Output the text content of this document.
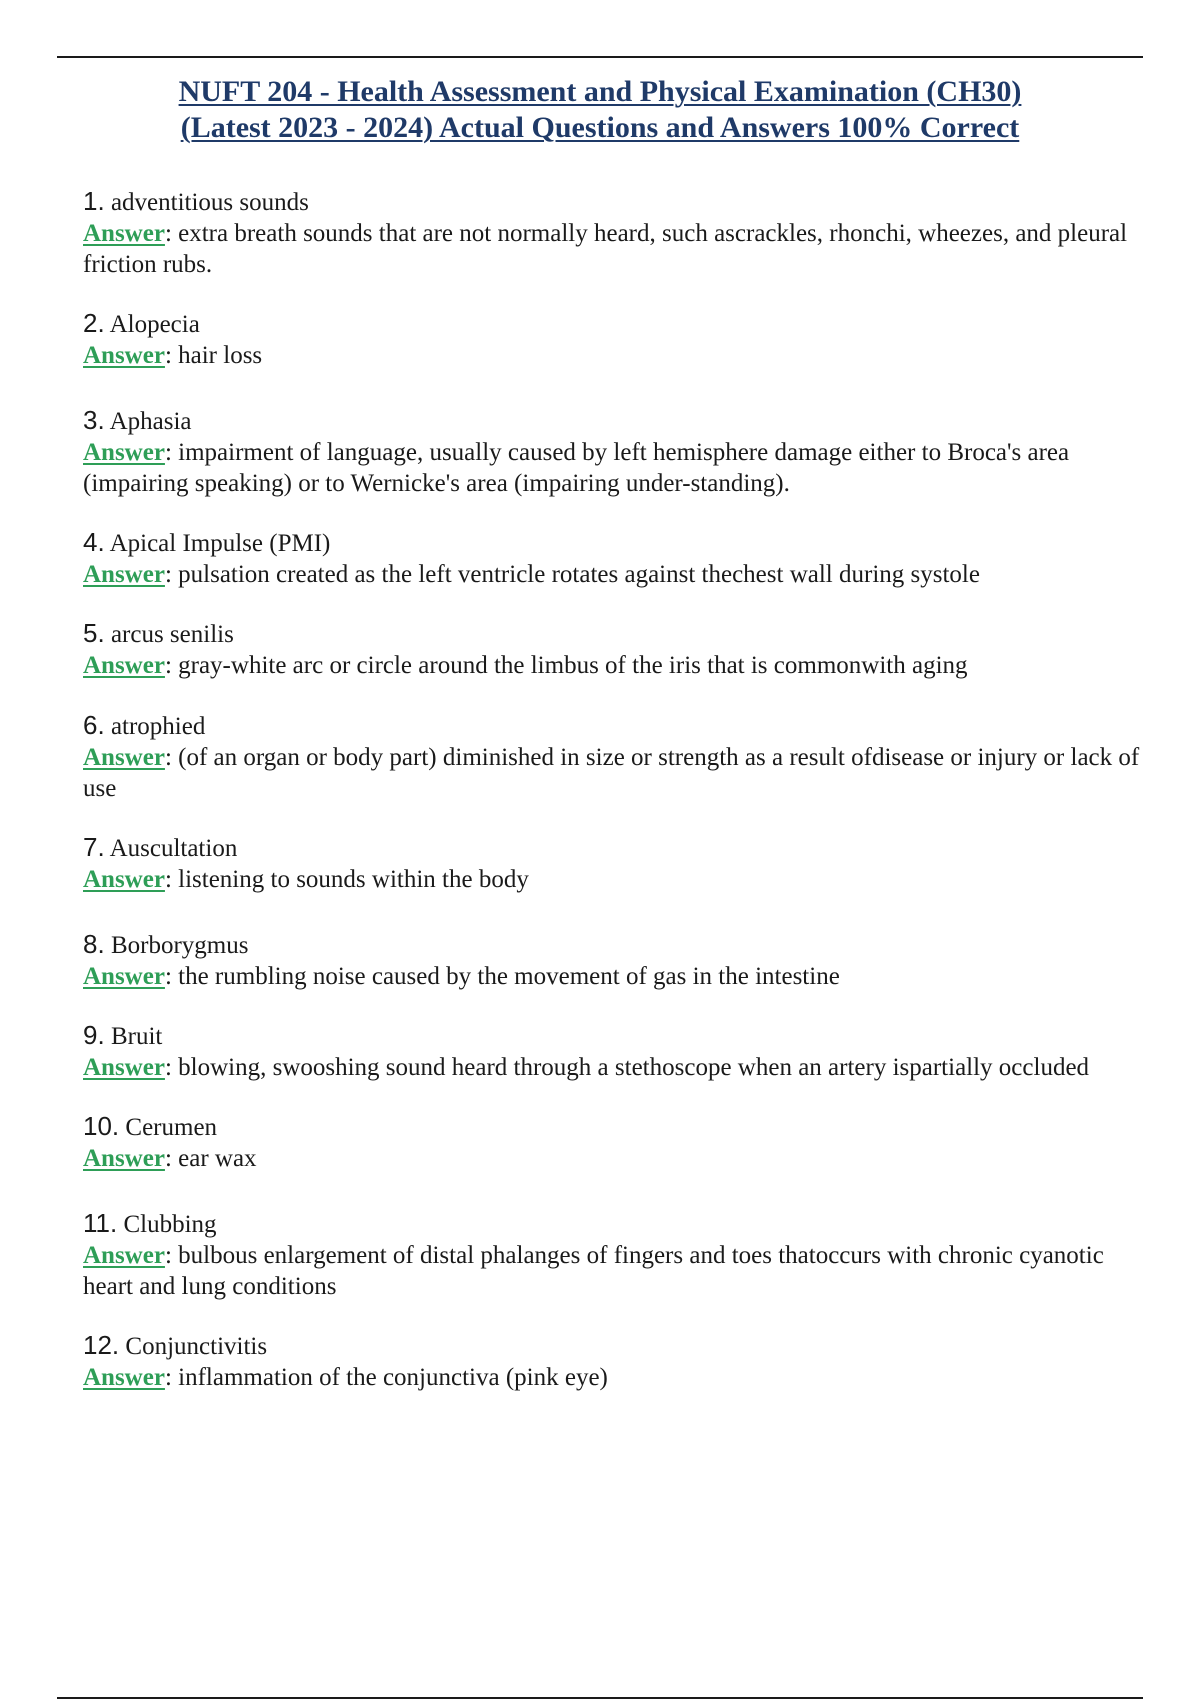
NUFT 204 - Health Assessment and Physical Examination (CH30)
(Latest 2023 - 2024) Actual Questions and Answers 100% Correct
1. adventitious sounds
Answer: extra breath sounds that are not normally heard, such ascrackles, rhonchi, wheezes, and pleural friction rubs.
2. Alopecia
Answer: hair loss
3. Aphasia
Answer: impairment of language, usually caused by left hemisphere damage either to Broca's area (impairing speaking) or to Wernicke's area (impairing under-standing).
4. Apical Impulse (PMI)
Answer: pulsation created as the left ventricle rotates against thechest wall during systole
5. arcus senilis
Answer: gray-white arc or circle around the limbus of the iris that is commonwith aging
6. atrophied
Answer: (of an organ or body part) diminished in size or strength as a result ofdisease or injury or lack of use
7. Auscultation
Answer: listening to sounds within the body
8. Borborygmus
Answer: the rumbling noise caused by the movement of gas in the intestine
9. Bruit
Answer: blowing, swooshing sound heard through a stethoscope when an artery ispartially occluded
10. Cerumen
Answer: ear wax
11. Clubbing
Answer: bulbous enlargement of distal phalanges of fingers and toes thatoccurs with chronic cyanotic heart and lung conditions
12. Conjunctivitis
Answer: inflammation of the conjunctiva (pink eye)
